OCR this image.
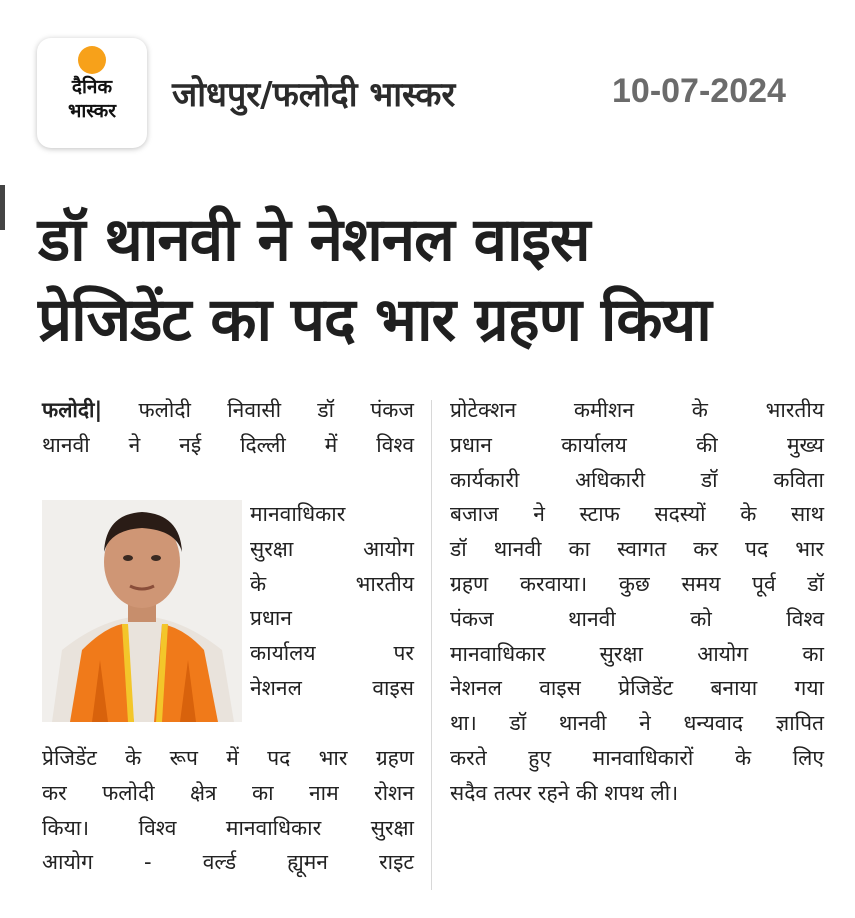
दैनिक
भास्कर	जोधपुर/फलोदी भास्कर	10-07-2024
डॉ थानवी ने नेशनल वाइस
प्रेजिडेंट का पद भार ग्रहण किया
फलोदी| फलोदी निवासी डॉ पंकज
थानवी ने नई दिल्ली में विश्व
मानवाधिकार
सुरक्षा आयोग
के भारतीय
प्रधान
कार्यालय पर
नेशनल वाइस
प्रेजिडेंट के रूप में पद भार ग्रहण
कर फलोदी क्षेत्र का नाम रोशन
किया। विश्व मानवाधिकार सुरक्षा
आयोग - वर्ल्ड ह्यूमन राइट
प्रोटेक्शन कमीशन के भारतीय
प्रधान कार्यालय की मुख्य
कार्यकारी अधिकारी डॉ कविता
बजाज ने स्टाफ सदस्यों के साथ
डॉ थानवी का स्वागत कर पद भार
ग्रहण करवाया। कुछ समय पूर्व डॉ
पंकज थानवी को विश्व
मानवाधिकार सुरक्षा आयोग का
नेशनल वाइस प्रेजिडेंट बनाया गया
था। डॉ थानवी ने धन्यवाद ज्ञापित
करते हुए मानवाधिकारों के लिए
सदैव तत्पर रहने की शपथ ली।
